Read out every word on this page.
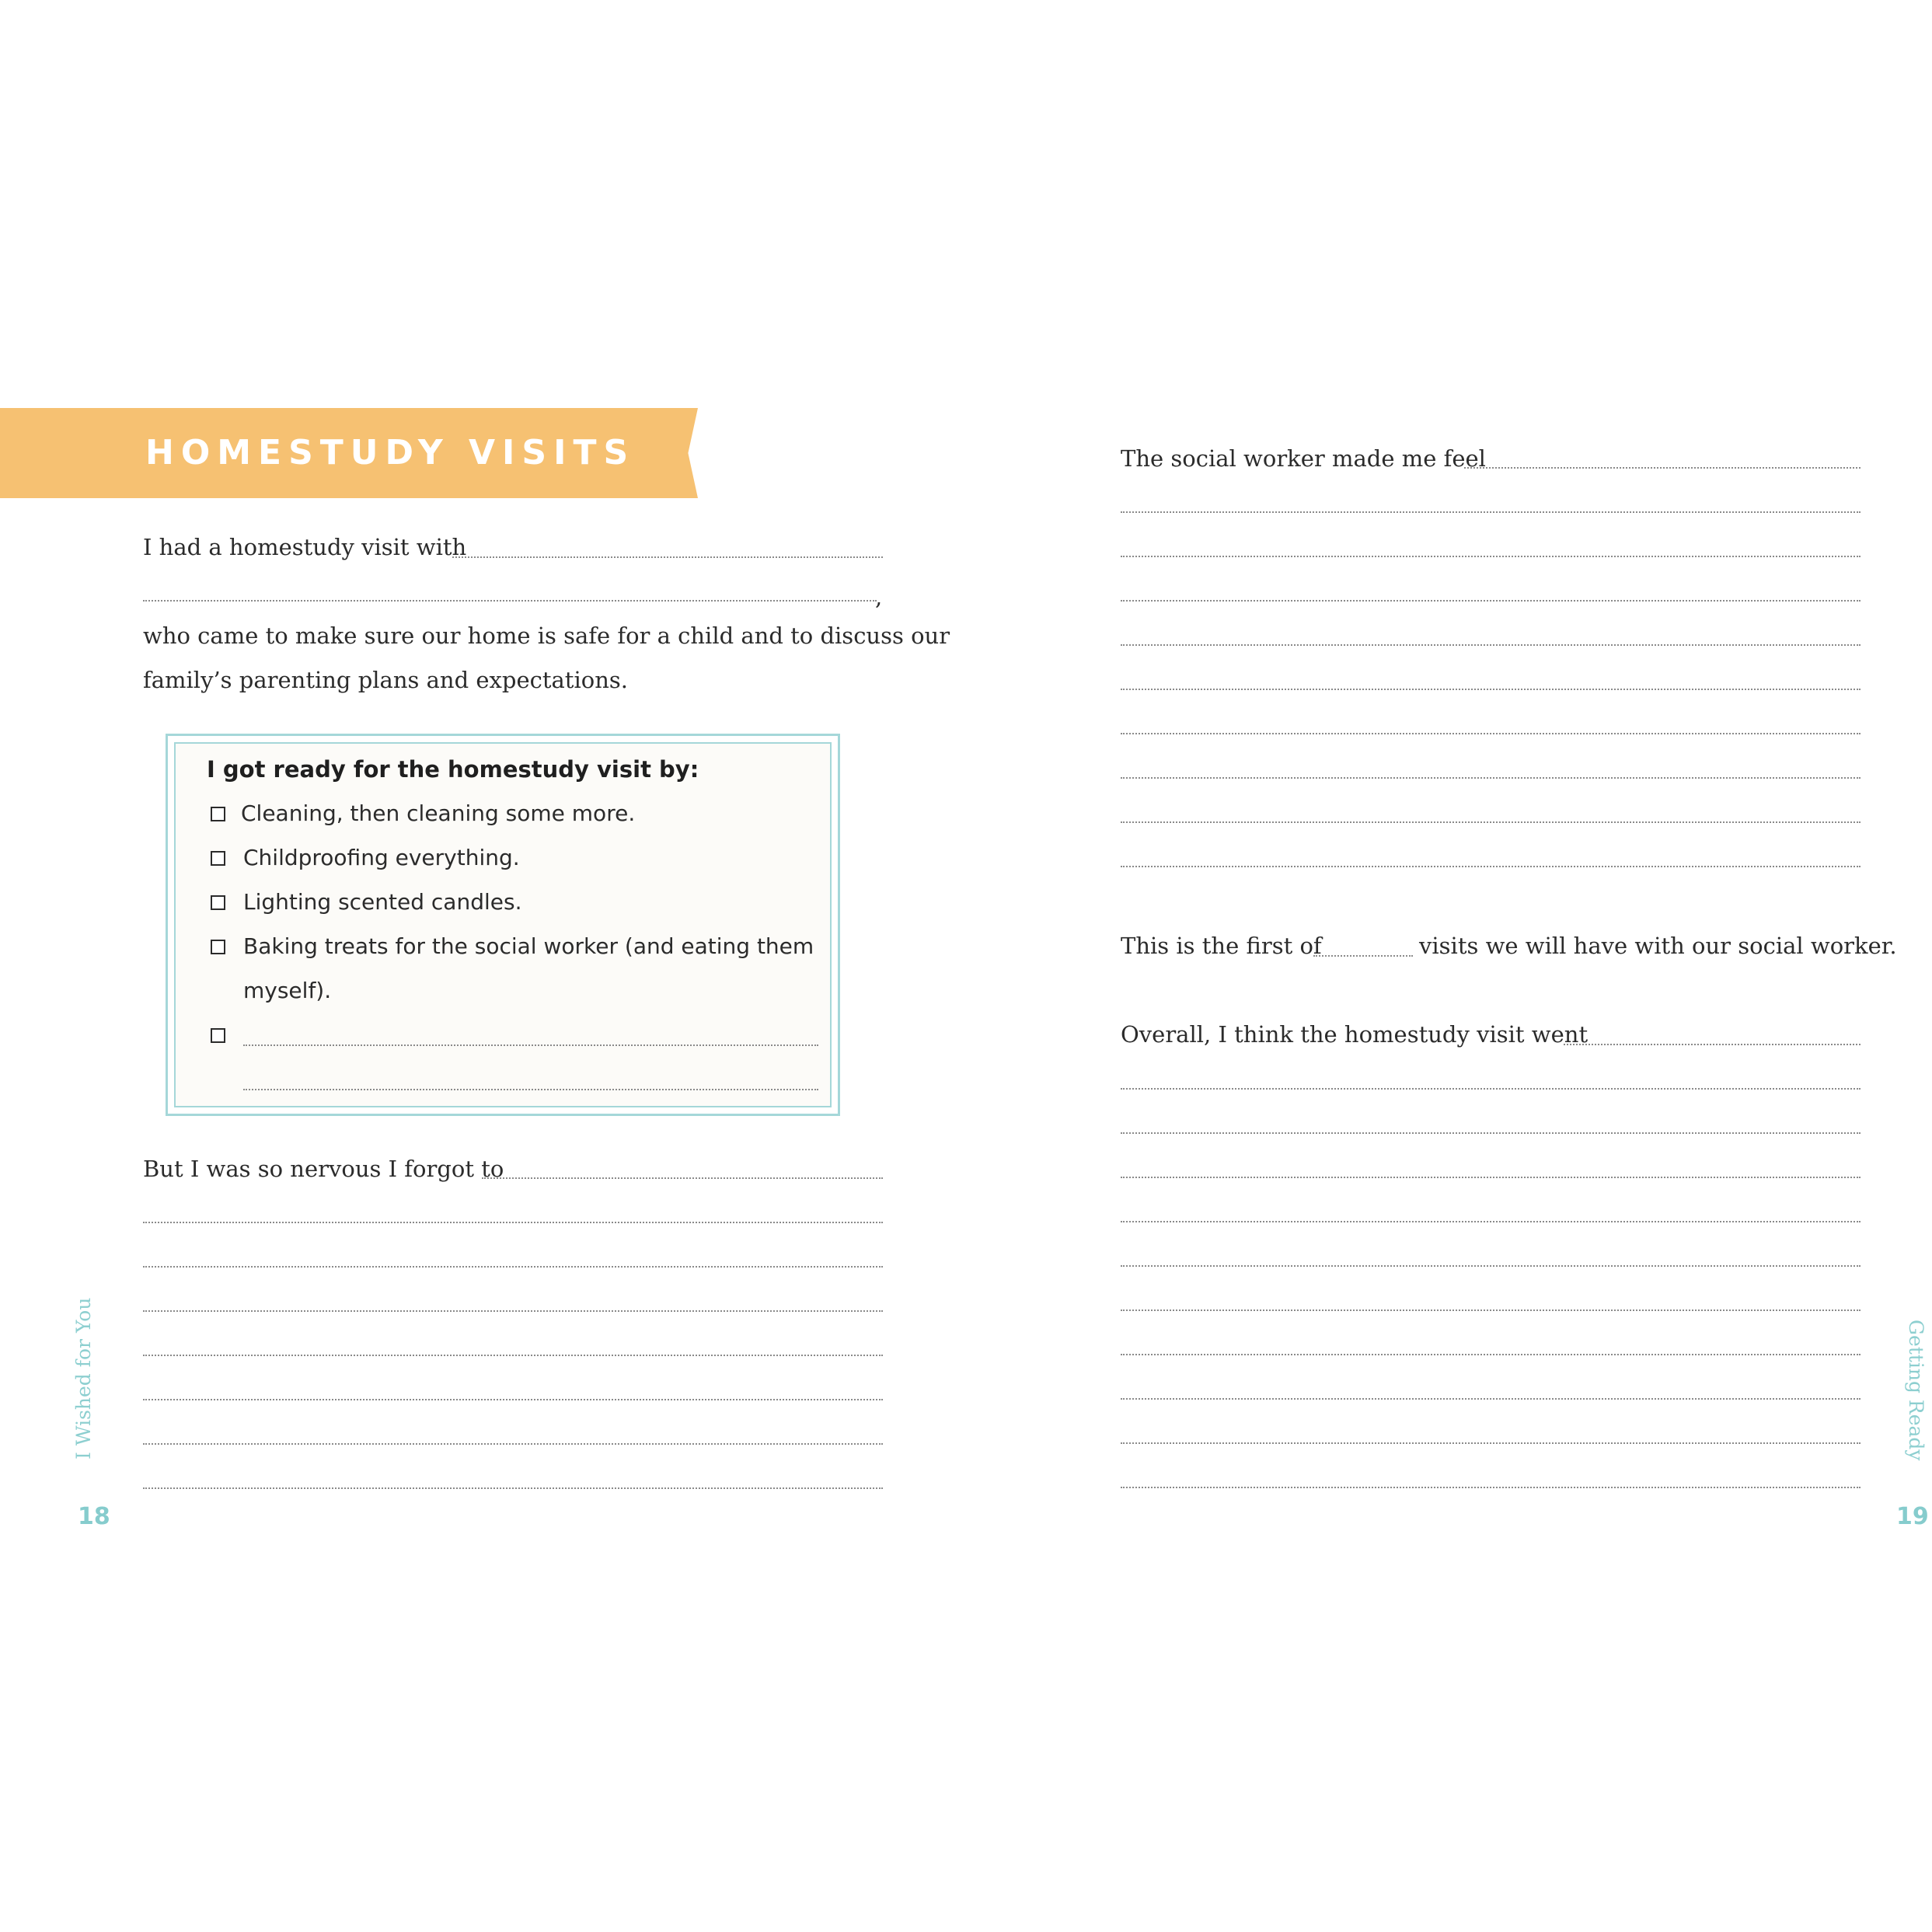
HOMESTUDY VISITS

I had a homestudy visit with

,

who came to make sure our home is safe for a child and to discuss our

family’s parenting plans and expectations.

I got ready for the homestudy visit by:

Cleaning, then cleaning some more.

Childproofing everything.

Lighting scented candles.

Baking treats for the social worker (and eating them

myself).

But I was so nervous I forgot to

I Wished for You

18

The social worker made me feel

This is the first of	visits we will have with our social worker.

Overall, I think the homestudy visit went

Getting Ready

19
